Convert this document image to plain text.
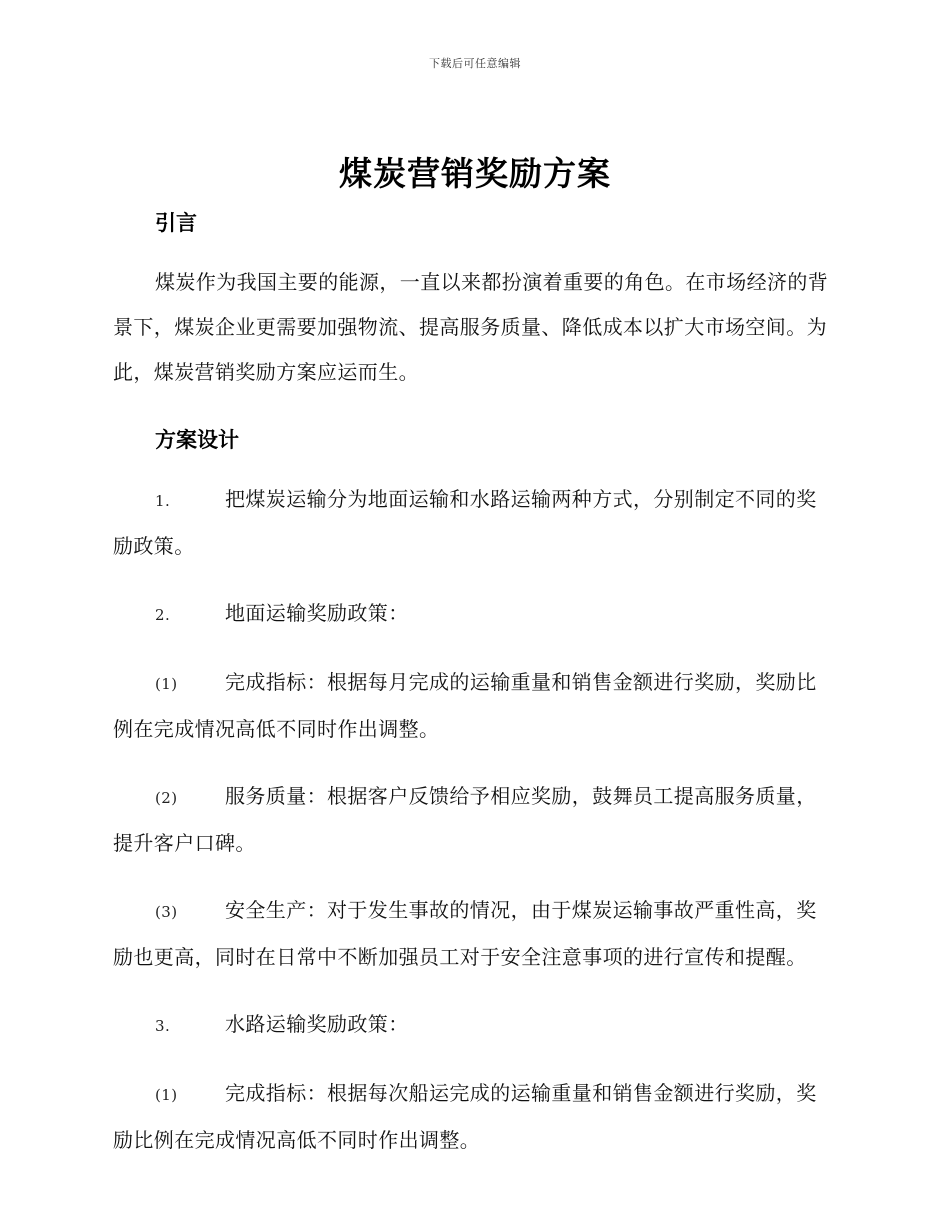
下载后可任意编辑
煤炭营销奖励方案
引言

煤炭作为我国主要的能源，一直以来都扮演着重要的角色。在市场经济的背景下，煤炭企业更需要加强物流、提高服务质量、降低成本以扩大市场空间。为此，煤炭营销奖励方案应运而生。

方案设计

1.	把煤炭运输分为地面运输和水路运输两种方式，分别制定不同的奖励政策。

2.	地面运输奖励政策：

(1) 完成指标：根据每月完成的运输重量和销售金额进行奖励，奖励比例在完成情况高低不同时作出调整。

(2) 服务质量：根据客户反馈给予相应奖励，鼓舞员工提高服务质量，提升客户口碑。

(3) 安全生产：对于发生事故的情况，由于煤炭运输事故严重性高，奖励也更高，同时在日常中不断加强员工对于安全注意事项的进行宣传和提醒。

3.	水路运输奖励政策：

(1) 完成指标：根据每次船运完成的运输重量和销售金额进行奖励，奖励比例在完成情况高低不同时作出调整。
